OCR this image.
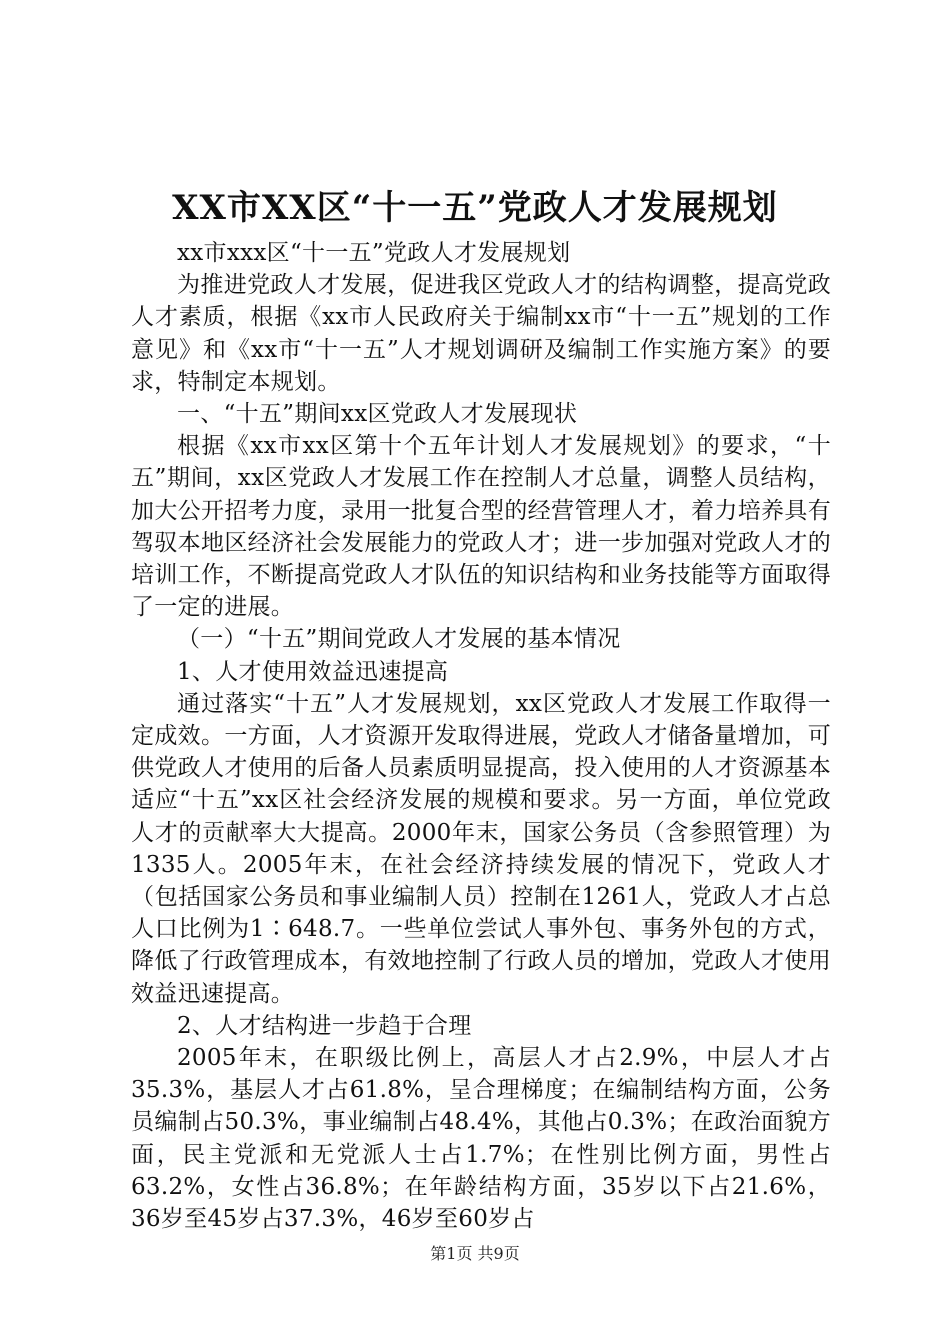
XX市XX区“十一五”党政人才发展规划

xx市xxx区“十一五”党政人才发展规划

为推进党政人才发展，促进我区党政人才的结构调整，提高党政人才素质，根据《xx市人民政府关于编制xx市“十一五”规划的工作意见》和《xx市“十一五”人才规划调研及编制工作实施方案》的要求，特制定本规划。

一、“十五”期间xx区党政人才发展现状

根据《xx市xx区第十个五年计划人才发展规划》的要求，“十五”期间，xx区党政人才发展工作在控制人才总量，调整人员结构，加大公开招考力度，录用一批复合型的经营管理人才，着力培养具有驾驭本地区经济社会发展能力的党政人才；进一步加强对党政人才的培训工作，不断提高党政人才队伍的知识结构和业务技能等方面取得了一定的进展。

（一）“十五”期间党政人才发展的基本情况

1、人才使用效益迅速提高

通过落实“十五”人才发展规划，xx区党政人才发展工作取得一定成效。一方面，人才资源开发取得进展，党政人才储备量增加，可供党政人才使用的后备人员素质明显提高，投入使用的人才资源基本适应“十五”xx区社会经济发展的规模和要求。另一方面，单位党政人才的贡献率大大提高。2000年末，国家公务员（含参照管理）为1335人。2005年末，在社会经济持续发展的情况下，党政人才（包括国家公务员和事业编制人员）控制在1261人，党政人才占总人口比例为1∶648.7。一些单位尝试人事外包、事务外包的方式，降低了行政管理成本，有效地控制了行政人员的增加，党政人才使用效益迅速提高。

2、人才结构进一步趋于合理

2005年末，在职级比例上，高层人才占2.9%，中层人才占35.3%，基层人才占61.8%，呈合理梯度；在编制结构方面，公务员编制占50.3%，事业编制占48.4%，其他占0.3%；在政治面貌方面，民主党派和无党派人士占1.7%；在性别比例方面，男性占63.2%，女性占36.8%；在年龄结构方面，35岁以下占21.6%，36岁至45岁占37.3%，46岁至60岁占

第1页 共9页
